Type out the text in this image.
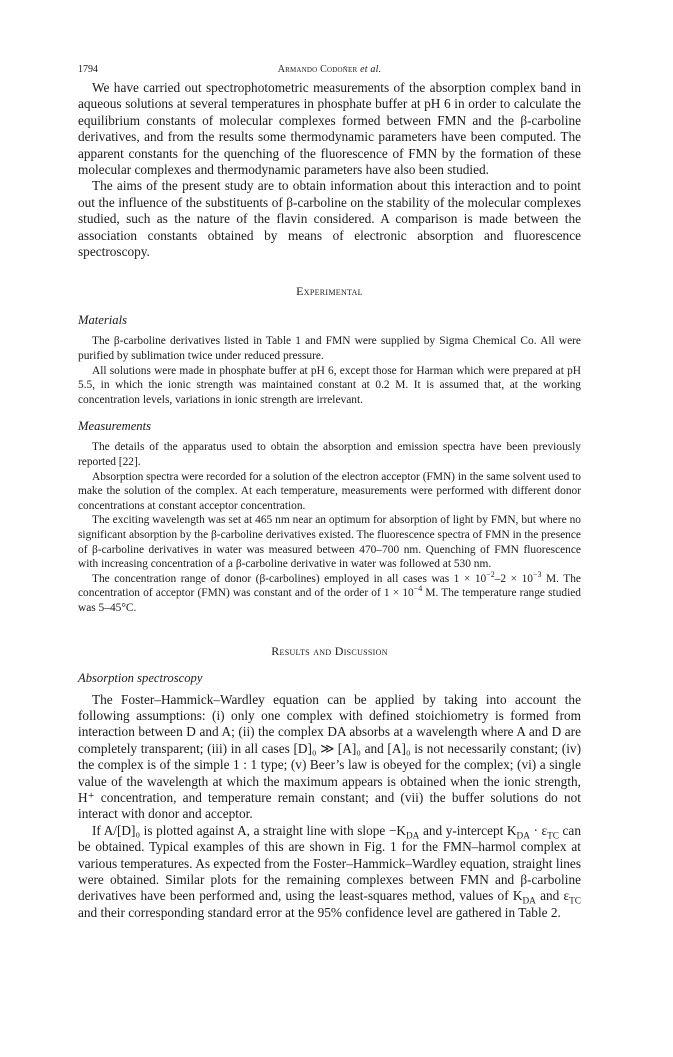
1794	Armando Codoñer et al.

We have carried out spectrophotometric measurements of the absorption complex band in aqueous solutions at several temperatures in phosphate buffer at pH 6 in order to calculate the equilibrium constants of molecular complexes formed between FMN and the β-carboline derivatives, and from the results some thermodynamic parameters have been computed. The apparent constants for the quenching of the fluorescence of FMN by the formation of these molecular complexes and thermodynamic parameters have also been studied.

The aims of the present study are to obtain information about this interaction and to point out the influence of the substituents of β-carboline on the stability of the molecular complexes studied, such as the nature of the flavin considered. A comparison is made between the association constants obtained by means of electronic absorption and fluorescence spectroscopy.

Experimental
Materials

The β-carboline derivatives listed in Table 1 and FMN were supplied by Sigma Chemical Co. All were purified by sublimation twice under reduced pressure.

All solutions were made in phosphate buffer at pH 6, except those for Harman which were prepared at pH 5.5, in which the ionic strength was maintained constant at 0.2 M. It is assumed that, at the working concentration levels, variations in ionic strength are irrelevant.

Measurements

The details of the apparatus used to obtain the absorption and emission spectra have been previously reported [22].

Absorption spectra were recorded for a solution of the electron acceptor (FMN) in the same solvent used to make the solution of the complex. At each temperature, measurements were performed with different donor concentrations at constant acceptor concentration.

The exciting wavelength was set at 465 nm near an optimum for absorption of light by FMN, but where no significant absorption by the β-carboline derivatives existed. The fluorescence spectra of FMN in the presence of β-carboline derivatives in water was measured between 470–700 nm. Quenching of FMN fluorescence with increasing concentration of a β-carboline derivative in water was followed at 530 nm.

The concentration range of donor (β-carbolines) employed in all cases was $1 \times 10^{-2}-2 \times 10^{-3}$ M. The concentration of acceptor (FMN) was constant and of the order of $1 \times 10^{-4}$ M. The temperature range studied was 5–45°C.

Results and Discussion
Absorption spectroscopy

The Foster–Hammick–Wardley equation can be applied by taking into account the following assumptions: (i) only one complex with defined stoichiometry is formed from interaction between D and A; (ii) the complex DA absorbs at a wavelength where A and D are completely transparent; (iii) in all cases [D]₀ ≫ [A]₀ and [A]₀ is not necessarily constant; (iv) the complex is of the simple 1 : 1 type; (v) Beer’s law is obeyed for the complex; (vi) a single value of the wavelength at which the maximum appears is obtained when the ionic strength, H⁺ concentration, and temperature remain constant; and (vii) the buffer solutions do not interact with donor and acceptor.

If A/[D]₀ is plotted against A, a straight line with slope $-K_{DA}$ and y-intercept $K_{DA} \cdot \varepsilon_{TC}$ can be obtained. Typical examples of this are shown in Fig. 1 for the FMN–harmol complex at various temperatures. As expected from the Foster–Hammick–Wardley equation, straight lines were obtained. Similar plots for the remaining complexes between FMN and β-carboline derivatives have been performed and, using the least-squares method, values of $K_{DA}$ and $\varepsilon_{TC}$ and their corresponding standard error at the 95% confidence level are gathered in Table 2.
